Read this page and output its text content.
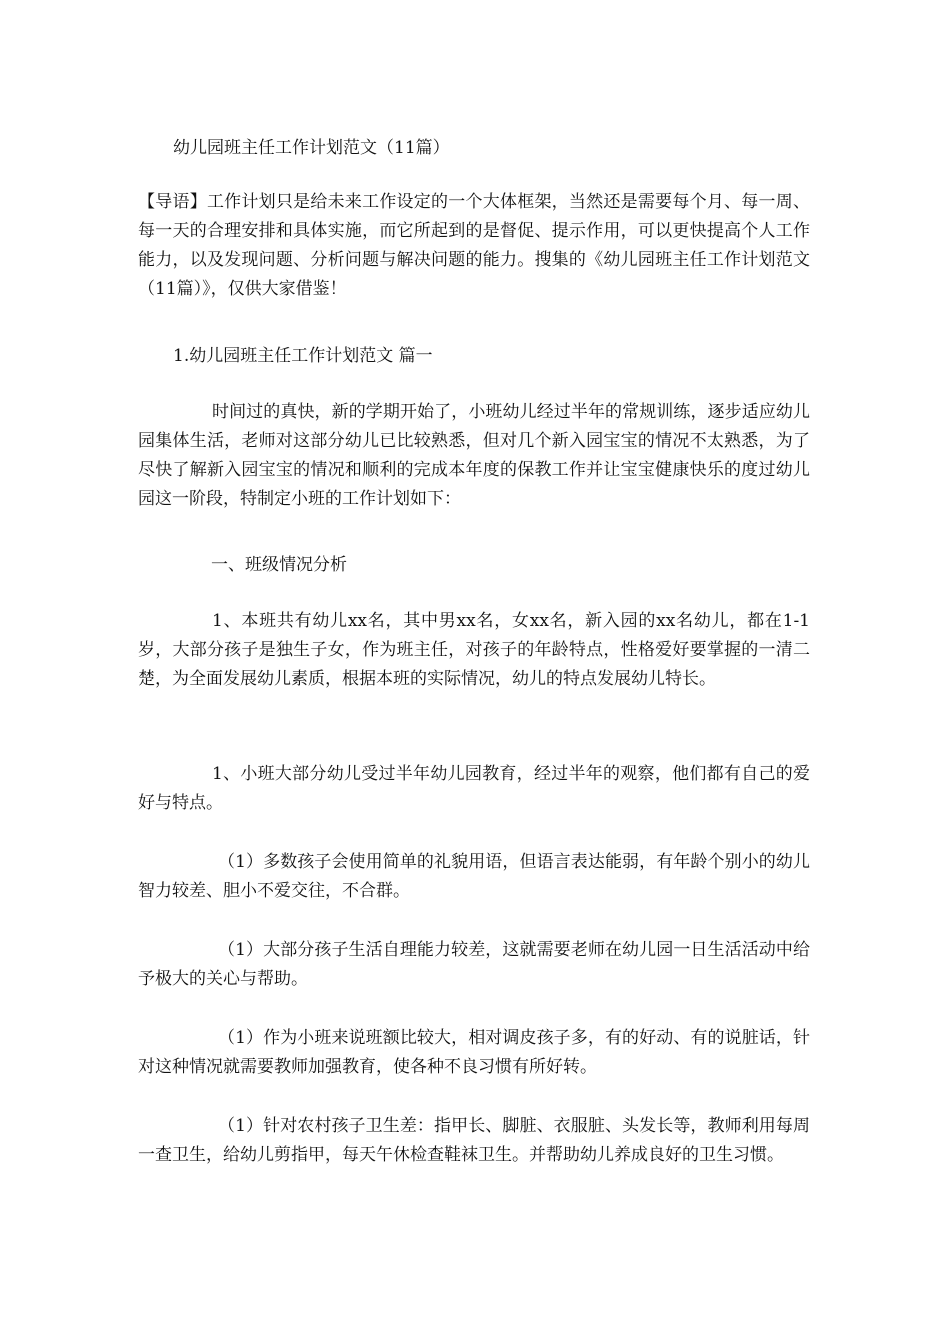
幼儿园班主任工作计划范文（11篇）

【导语】工作计划只是给未来工作设定的一个大体框架，当然还是需要每个月、每一周、每一天的合理安排和具体实施，而它所起到的是督促、提示作用，可以更快提高个人工作能力，以及发现问题、分析问题与解决问题的能力。搜集的《幼儿园班主任工作计划范文（11篇）》，仅供大家借鉴！

1.幼儿园班主任工作计划范文 篇一

时间过的真快，新的学期开始了，小班幼儿经过半年的常规训练，逐步适应幼儿园集体生活，老师对这部分幼儿已比较熟悉，但对几个新入园宝宝的情况不太熟悉，为了尽快了解新入园宝宝的情况和顺利的完成本年度的保教工作并让宝宝健康快乐的度过幼儿园这一阶段，特制定小班的工作计划如下：

一、班级情况分析

1、本班共有幼儿xx名，其中男xx名，女xx名，新入园的xx名幼儿，都在1-1岁，大部分孩子是独生子女，作为班主任，对孩子的年龄特点，性格爱好要掌握的一清二楚，为全面发展幼儿素质，根据本班的实际情况，幼儿的特点发展幼儿特长。

1、小班大部分幼儿受过半年幼儿园教育，经过半年的观察，他们都有自己的爱好与特点。

（1）多数孩子会使用简单的礼貌用语，但语言表达能弱，有年龄个别小的幼儿智力较差、胆小不爱交往，不合群。

（1）大部分孩子生活自理能力较差，这就需要老师在幼儿园一日生活活动中给予极大的关心与帮助。

（1）作为小班来说班额比较大，相对调皮孩子多，有的好动、有的说脏话，针对这种情况就需要教师加强教育，使各种不良习惯有所好转。

（1）针对农村孩子卫生差：指甲长、脚脏、衣服脏、头发长等，教师利用每周一查卫生，给幼儿剪指甲，每天午休检查鞋袜卫生。并帮助幼儿养成良好的卫生习惯。
